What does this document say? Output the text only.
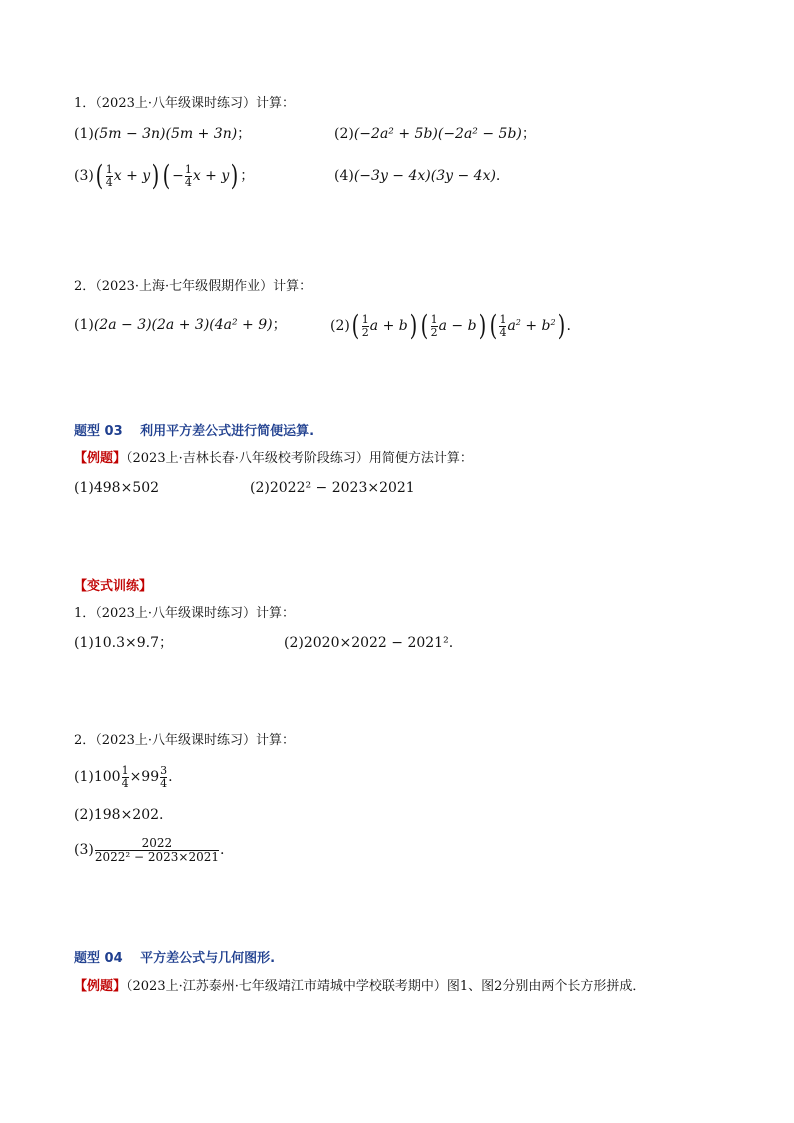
1．（2023上·八年级课时练习）计算：
(1)(5m − 3n)(5m + 3n)；	(2)(−2a² + 5b)(−2a² − 5b)；
(3) ( $\frac{1}{4}$ x + y ) ( − $\frac{1}{4}$ x + y ) ；	(4)(−3y − 4x)(3y − 4x).
2．（2023·上海·七年级假期作业）计算：
(1)(2a − 3)(2a + 3)(4a² + 9)；	(2) ( $\frac{1}{2}$ a + b ) ( $\frac{1}{2}$ a − b ) ( $\frac{1}{4} a^2 + b^2$ ) .
题型 03　 利用平方差公式进行简便运算.
【例题】（2023上·吉林长春·八年级校考阶段练习）用简便方法计算：
(1)498×502	(2)2022² − 2023×2021
【变式训练】
1．（2023上·八年级课时练习）计算：
(1)10.3×9.7；	(2)2020×2022 − 2021².
2．（2023上·八年级课时练习）计算：
(1) $100 \frac{1}{4} \times 99 \frac{3}{4}$ .
(2)198×202.
$(3) \frac{2022}{\text{2022² − 2023×2021}}$ .
题型 04　 平方差公式与几何图形.
【例题】（2023上·江苏泰州·七年级靖江市靖城中学校联考期中）图1、图2分别由两个长方形拼成．
